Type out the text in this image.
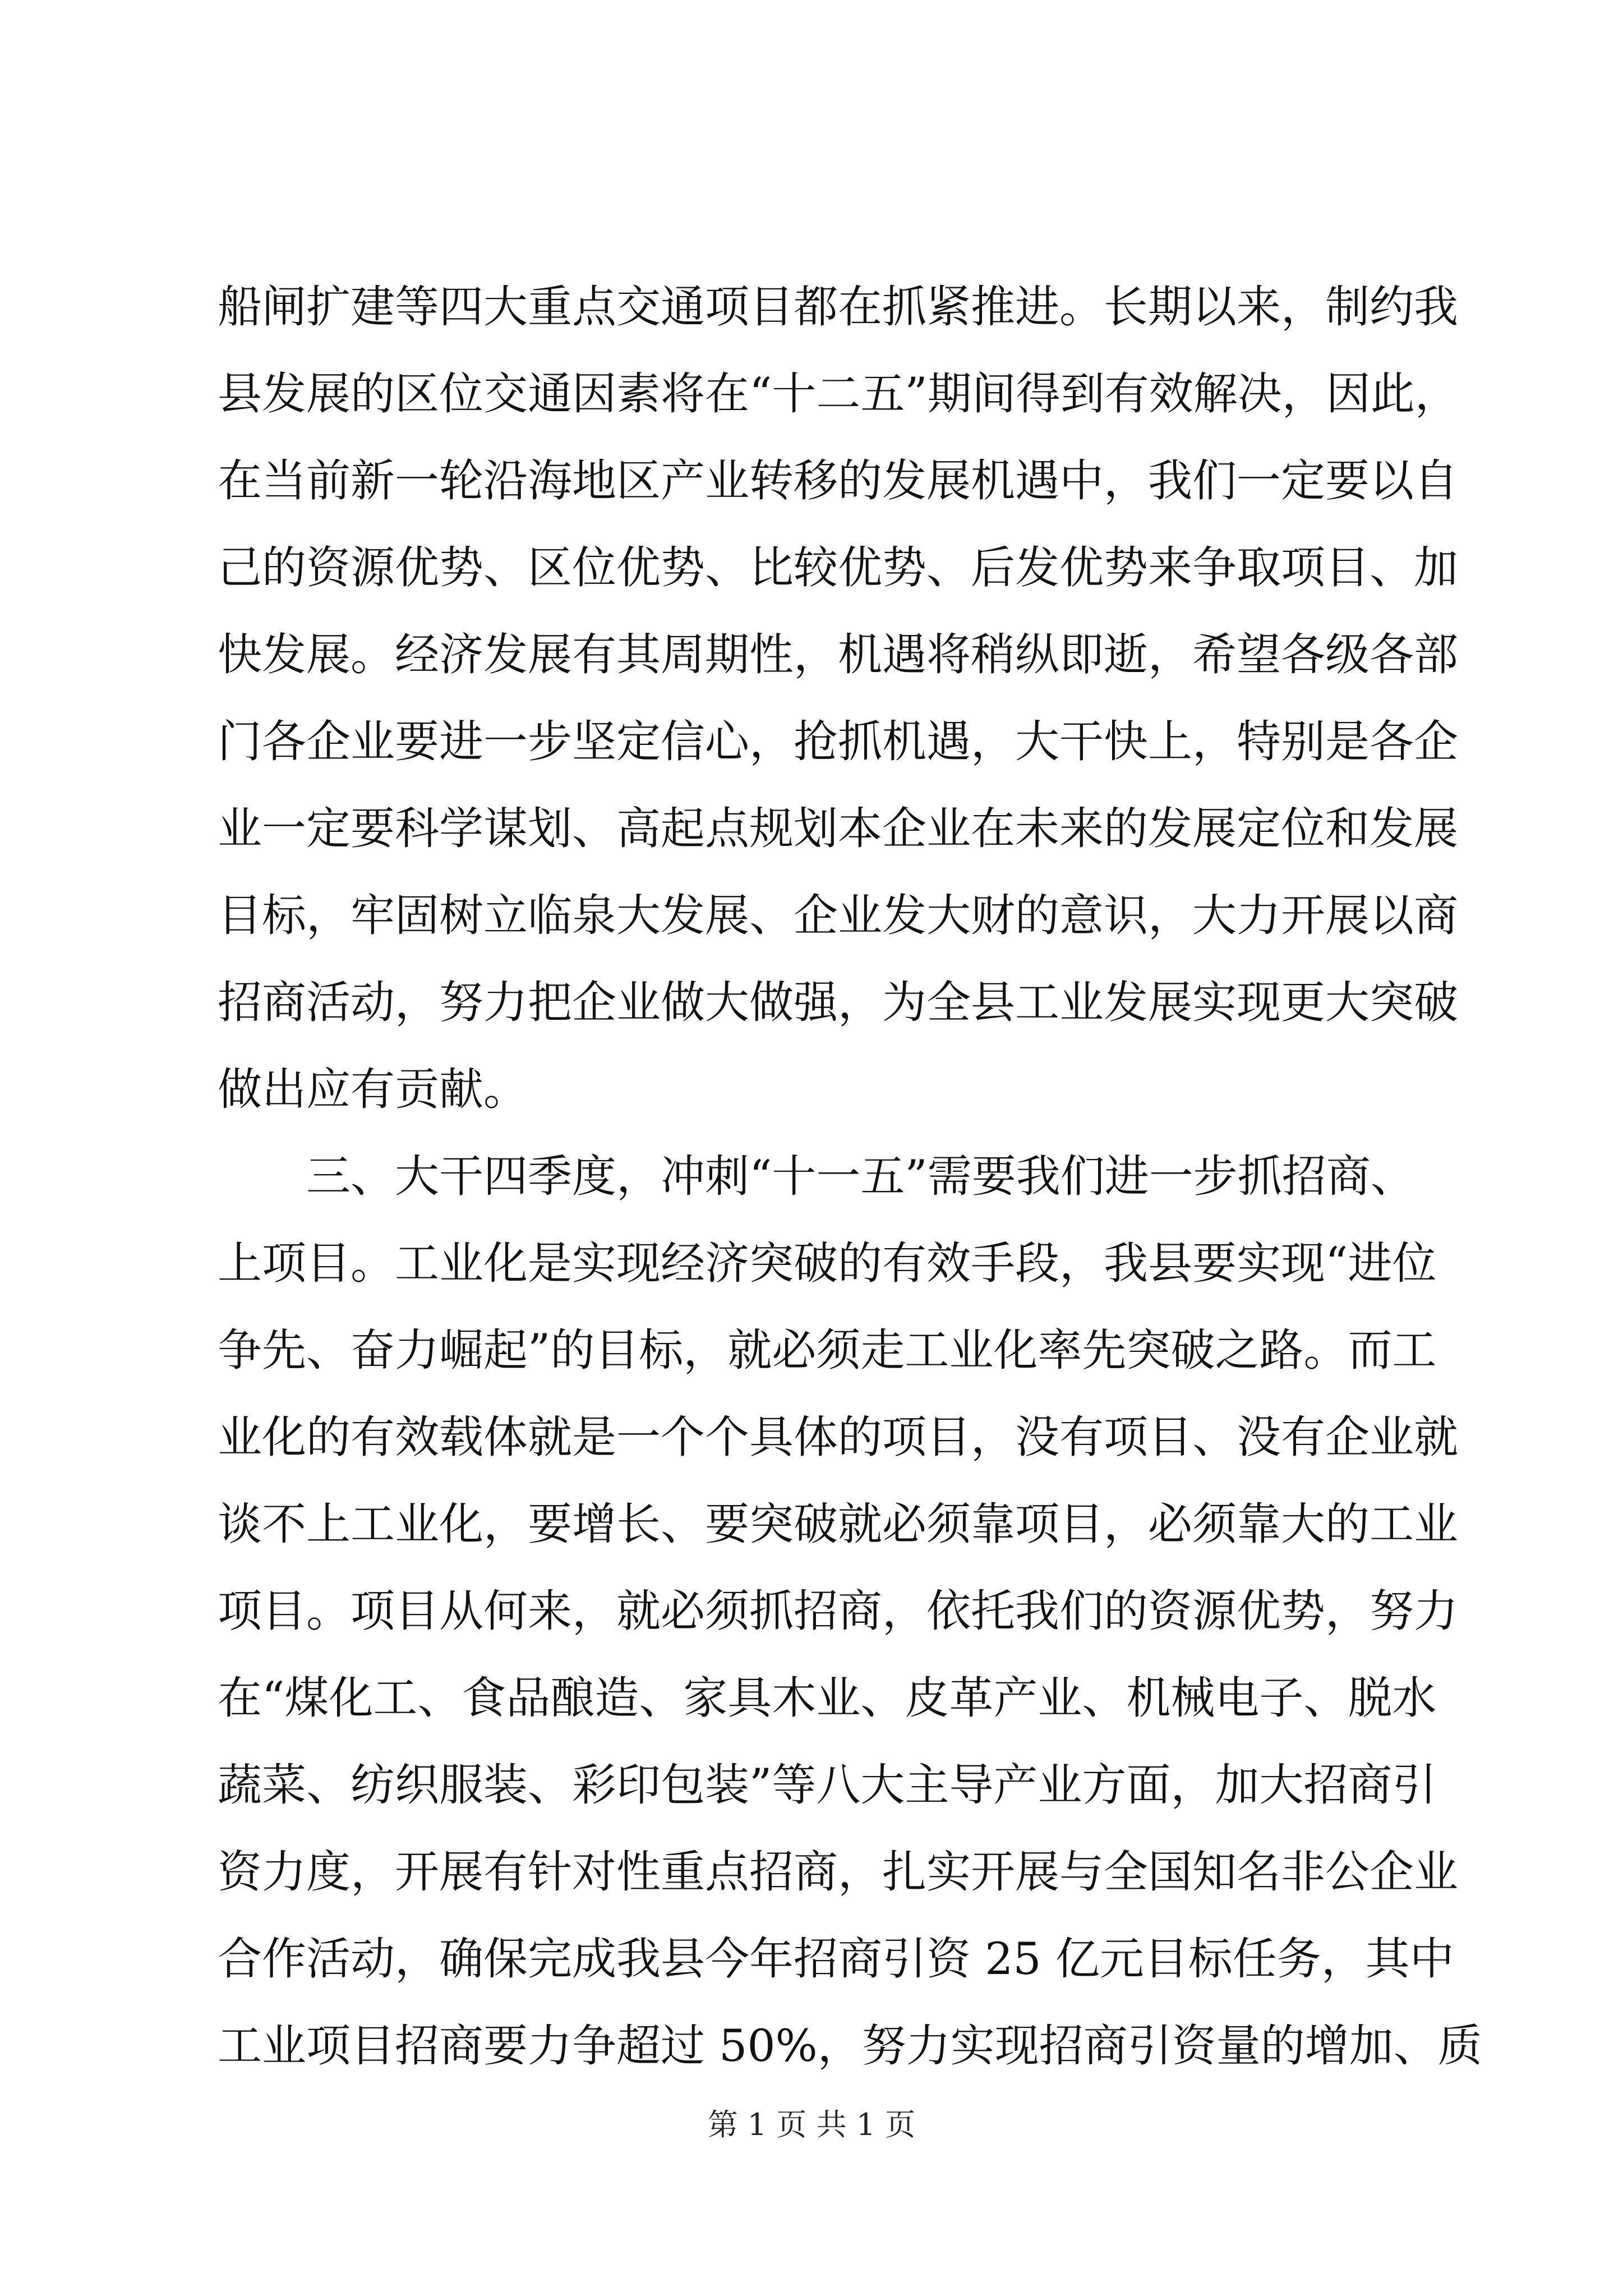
船闸扩建等四大重点交通项目都在抓紧推进。长期以来，制约我
县发展的区位交通因素将在“十二五”期间得到有效解决，因此，
在当前新一轮沿海地区产业转移的发展机遇中，我们一定要以自
己的资源优势、区位优势、比较优势、后发优势来争取项目、加
快发展。经济发展有其周期性，机遇将稍纵即逝，希望各级各部
门各企业要进一步坚定信心，抢抓机遇，大干快上，特别是各企
业一定要科学谋划、高起点规划本企业在未来的发展定位和发展
目标，牢固树立临泉大发展、企业发大财的意识，大力开展以商
招商活动，努力把企业做大做强，为全县工业发展实现更大突破
做出应有贡献。
　　三、大干四季度，冲刺“十一五”需要我们进一步抓招商、
上项目。工业化是实现经济突破的有效手段，我县要实现“进位
争先、奋力崛起”的目标，就必须走工业化率先突破之路。而工
业化的有效载体就是一个个具体的项目，没有项目、没有企业就
谈不上工业化，要增长、要突破就必须靠项目，必须靠大的工业
项目。项目从何来，就必须抓招商，依托我们的资源优势，努力
在“煤化工、食品酿造、家具木业、皮革产业、机械电子、脱水
蔬菜、纺织服装、彩印包装”等八大主导产业方面，加大招商引
资力度，开展有针对性重点招商，扎实开展与全国知名非公企业
合作活动，确保完成我县今年招商引资 25 亿元目标任务，其中
工业项目招商要力争超过 50%，努力实现招商引资量的增加、质
第 1 页 共 1 页
